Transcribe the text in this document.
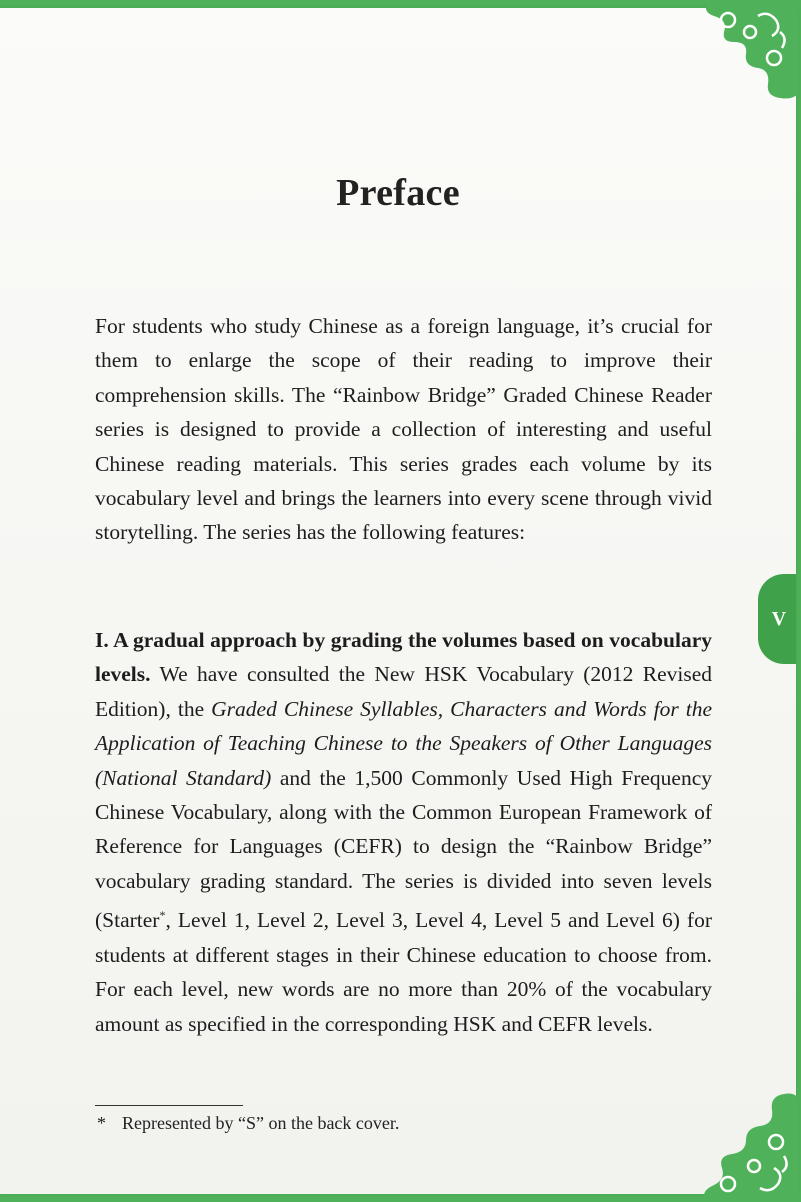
Preface

For students who study Chinese as a foreign language, it’s crucial for them to enlarge the scope of their reading to improve their comprehension skills. The “Rainbow Bridge” Graded Chinese Reader series is designed to provide a collection of interesting and useful Chinese reading materials. This series grades each volume by its vocabulary level and brings the learners into every scene through vivid storytelling. The series has the following features:

I. A gradual approach by grading the volumes based on vocabulary levels. We have consulted the New HSK Vocabulary (2012 Revised Edition), the Graded Chinese Syllables, Characters and Words for the Application of Teaching Chinese to the Speakers of Other Languages (National Standard) and the 1,500 Commonly Used High Frequency Chinese Vocabulary, along with the Common European Framework of Reference for Languages (CEFR) to design the “Rainbow Bridge” vocabulary grading standard. The series is divided into seven levels (Starter*, Level 1, Level 2, Level 3, Level 4, Level 5 and Level 6) for students at different stages in their Chinese education to choose from. For each level, new words are no more than 20% of the vocabulary amount as specified in the corresponding HSK and CEFR levels.

* Represented by “S” on the back cover.
V
